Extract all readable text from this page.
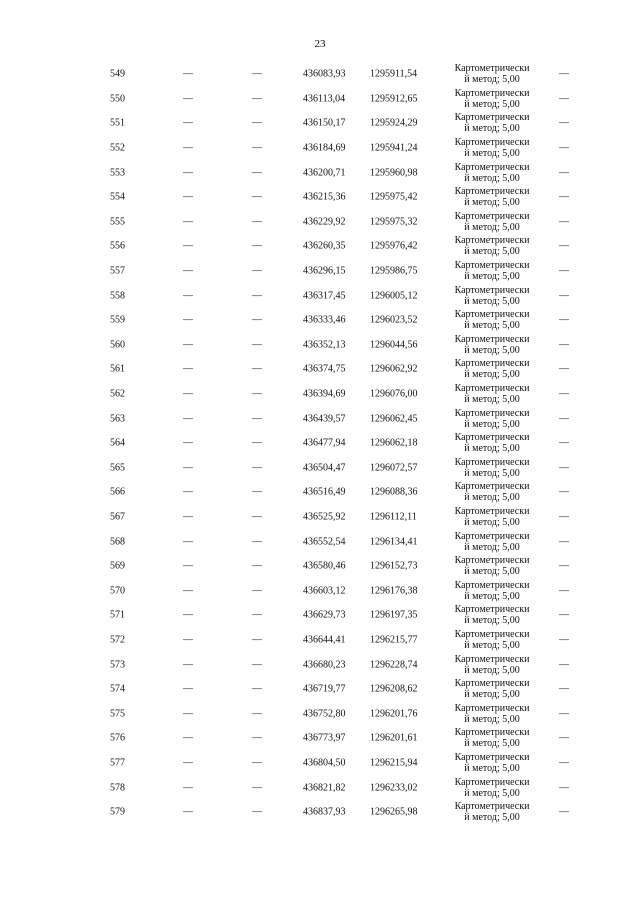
23
549	—	—	436083,93 1295911,54	Картометрически
й метод; 5,00	—
550	—	—	436113,04 1295912,65	Картометрически
й метод; 5,00	—
551	—	—	436150,17 1295924,29	Картометрически
й метод; 5,00	—
552	—	—	436184,69 1295941,24	Картометрически
й метод; 5,00	—
553	—	—	436200,71 1295960,98	Картометрически
й метод; 5,00	—
554	—	—	436215,36 1295975,42	Картометрически
й метод; 5,00	—
555	—	—	436229,92 1295975,32	Картометрически
й метод; 5,00	—
556	—	—	436260,35 1295976,42	Картометрически
й метод; 5,00	—
557	—	—	436296,15 1295986,75	Картометрически
й метод; 5,00	—
558	—	—	436317,45 1296005,12	Картометрически
й метод; 5,00	—
559	—	—	436333,46 1296023,52	Картометрически
й метод; 5,00	—
560	—	—	436352,13 1296044,56	Картометрически
й метод; 5,00	—
561	—	—	436374,75 1296062,92	Картометрически
й метод; 5,00	—
562	—	—	436394,69 1296076,00	Картометрически
й метод; 5,00	—
563	—	—	436439,57 1296062,45	Картометрически
й метод; 5,00	—
564	—	—	436477,94 1296062,18	Картометрически
й метод; 5,00	—
565	—	—	436504,47 1296072,57	Картометрически
й метод; 5,00	—
566	—	—	436516,49 1296088,36	Картометрически
й метод; 5,00	—
567	—	—	436525,92 1296112,11	Картометрически
й метод; 5,00	—
568	—	—	436552,54 1296134,41	Картометрически
й метод; 5,00	—
569	—	—	436580,46 1296152,73	Картометрически
й метод; 5,00	—
570	—	—	436603,12 1296176,38	Картометрически
й метод; 5,00	—
571	—	—	436629,73 1296197,35	Картометрически
й метод; 5,00	—
572	—	—	436644,41 1296215,77	Картометрически
й метод; 5,00	—
573	—	—	436680,23 1296228,74	Картометрически
й метод; 5,00	—
574	—	—	436719,77 1296208,62	Картометрически
й метод; 5,00	—
575	—	—	436752,80 1296201,76	Картометрически
й метод; 5,00	—
576	—	—	436773,97 1296201,61	Картометрически
й метод; 5,00	—
577	—	—	436804,50 1296215,94	Картометрически
й метод; 5,00	—
578	—	—	436821,82 1296233,02	Картометрически
й метод; 5,00	—
579	—	—	436837,93 1296265,98	Картометрически
й метод; 5,00	—
